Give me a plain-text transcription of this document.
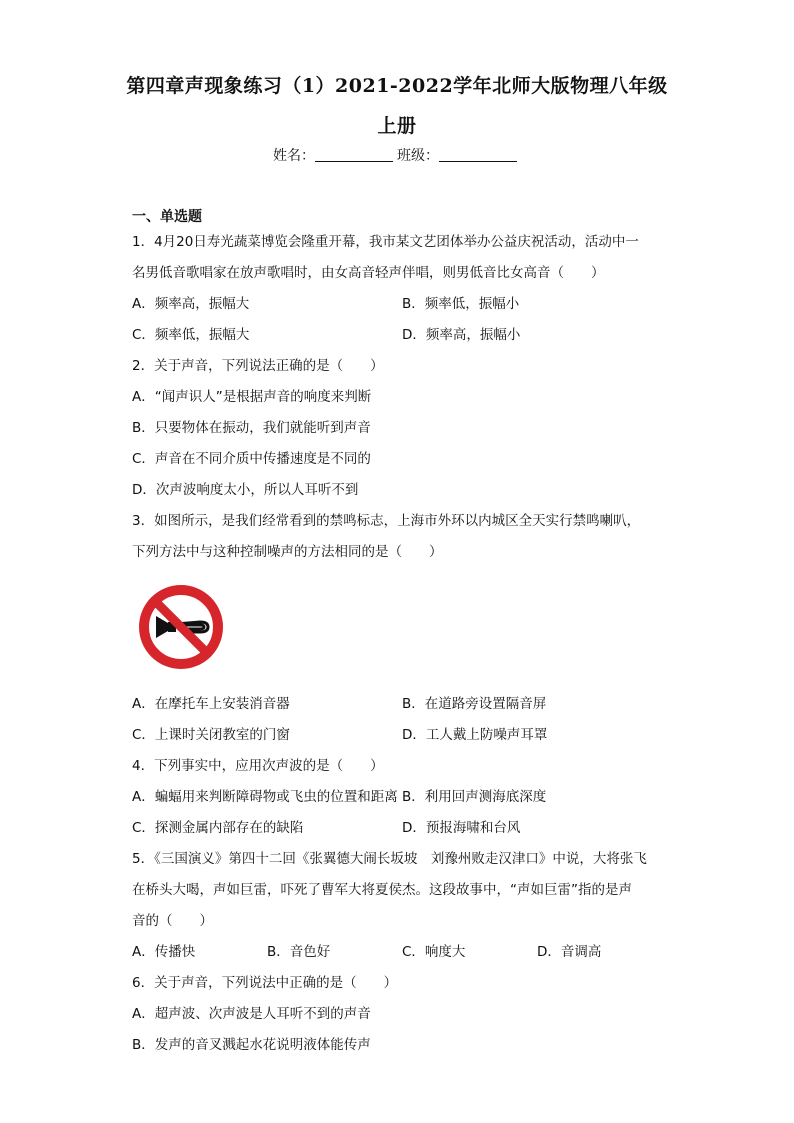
第四章声现象练习（1）2021-2022学年北师大版物理八年级
上册
姓名：	班级：
一、单选题
1．4月20日寿光蔬菜博览会隆重开幕，我市某文艺团体举办公益庆祝活动，活动中一
名男低音歌唱家在放声歌唱时，由女高音轻声伴唱，则男低音比女高音（　　）
A．频率高，振幅大	B．频率低，振幅小
C．频率低，振幅大	D．频率高，振幅小
2．关于声音，下列说法正确的是（　　）
A．“闻声识人”是根据声音的响度来判断
B．只要物体在振动，我们就能听到声音
C．声音在不同介质中传播速度是不同的
D．次声波响度太小，所以人耳听不到
3．如图所示，是我们经常看到的禁鸣标志，上海市外环以内城区全天实行禁鸣喇叭，
下列方法中与这种控制噪声的方法相同的是（　　）
A．在摩托车上安装消音器	B．在道路旁设置隔音屏
C．上课时关闭教室的门窗	D．工人戴上防噪声耳罩
4．下列事实中，应用次声波的是（　　）
A．蝙蝠用来判断障碍物或飞虫的位置和距离 B．利用回声测海底深度
C．探测金属内部存在的缺陷	D．预报海啸和台风
5．《三国演义》第四十二回《张翼德大闹长坂坡　刘豫州败走汉津口》中说，大将张飞
在桥头大喝，声如巨雷，吓死了曹军大将夏侯杰。这段故事中，“声如巨雷”指的是声
音的（　　）
A．传播快	B．音色好	C．响度大	D．音调高
6．关于声音，下列说法中正确的是（　　）
A．超声波、次声波是人耳听不到的声音
B．发声的音叉溅起水花说明液体能传声
